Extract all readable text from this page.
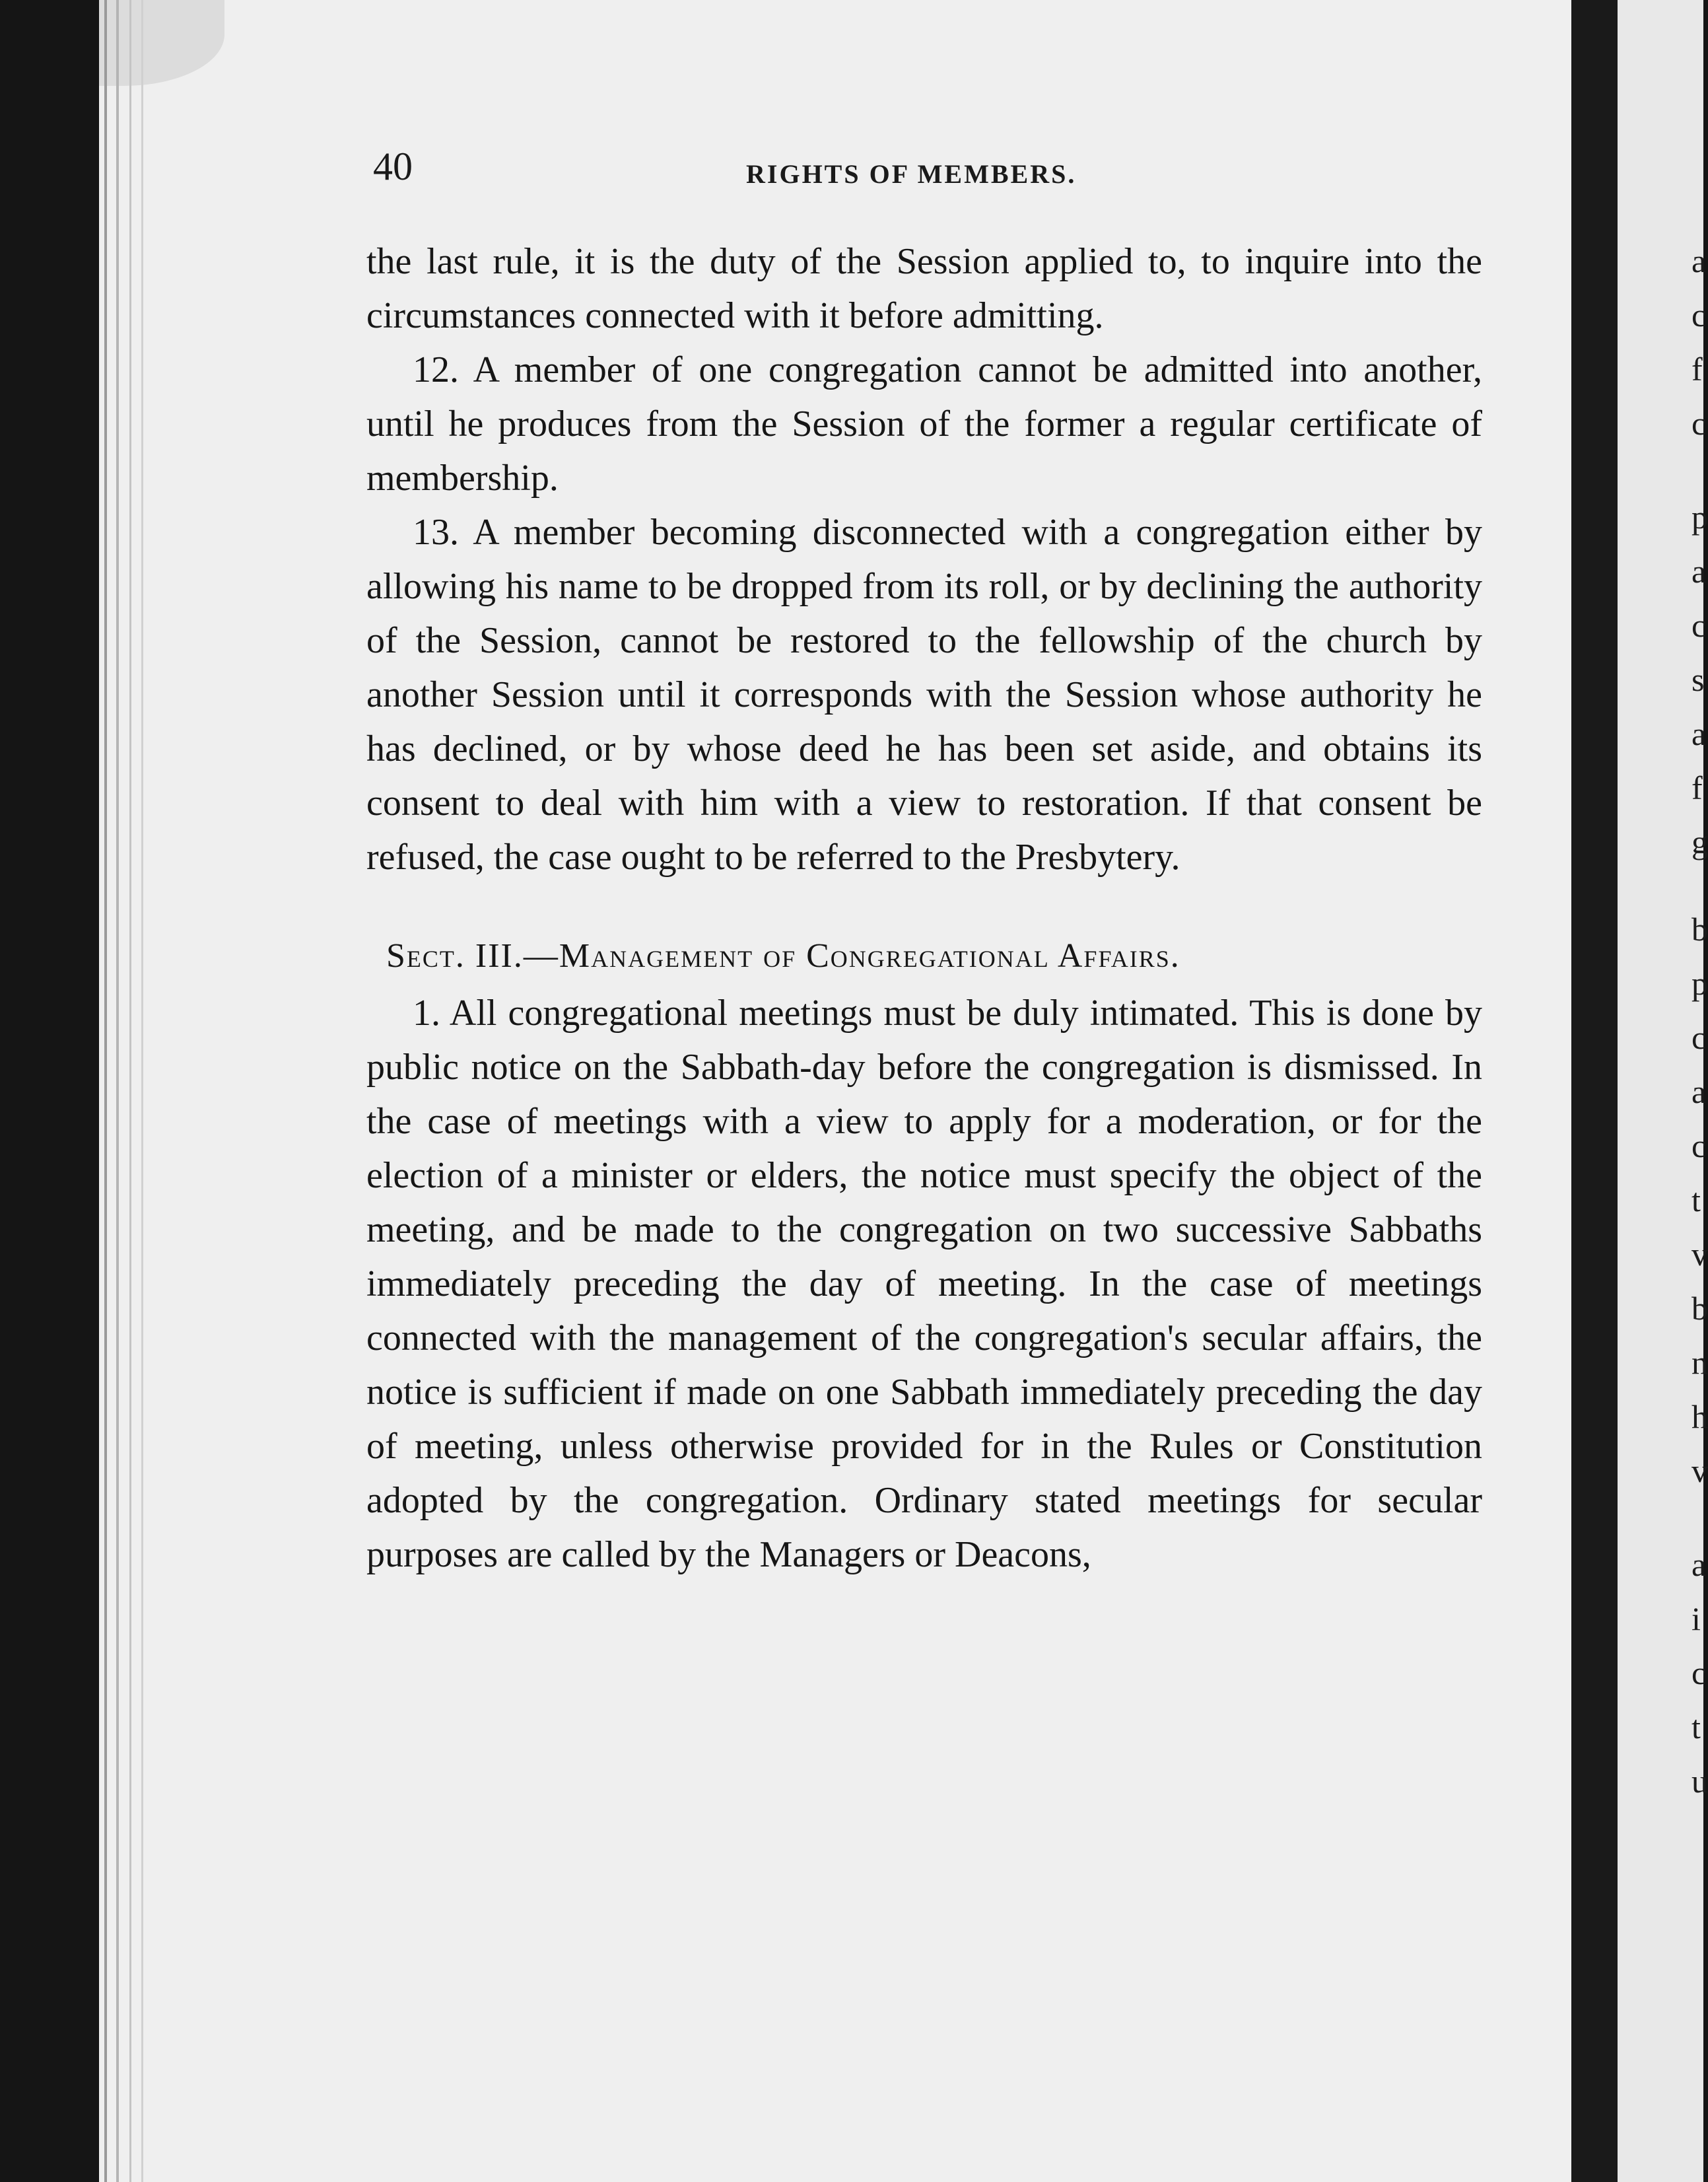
a
c
f
c
p
a
c
s
a
f
g
b
p
c
a
c
t
v
b
n
h
v
a
i
c
t
u
40	RIGHTS OF MEMBERS.

the last rule, it is the duty of the Session applied to, to inquire into the circumstances connected with it before admitting.

12. A member of one congregation cannot be admitted into another, until he produces from the Session of the former a regular certificate of membership.

13. A member becoming disconnected with a congregation either by allowing his name to be dropped from its roll, or by declining the authority of the Session, cannot be restored to the fellowship of the church by another Session until it corresponds with the Session whose authority he has declined, or by whose deed he has been set aside, and obtains its consent to deal with him with a view to restoration. If that consent be refused, the case ought to be referred to the Presbytery.

Sect. III.—Management of Congregational Affairs.

1. All congregational meetings must be duly intimated. This is done by public notice on the Sabbath-day before the congregation is dismissed. In the case of meetings with a view to apply for a moderation, or for the election of a minister or elders, the notice must specify the object of the meeting, and be made to the congregation on two successive Sabbaths immediately preceding the day of meeting. In the case of meetings connected with the management of the congregation's secular affairs, the notice is sufficient if made on one Sabbath immediately preceding the day of meeting, unless otherwise provided for in the Rules or Constitution adopted by the congregation. Ordinary stated meetings for secular purposes are called by the Managers or Deacons,
